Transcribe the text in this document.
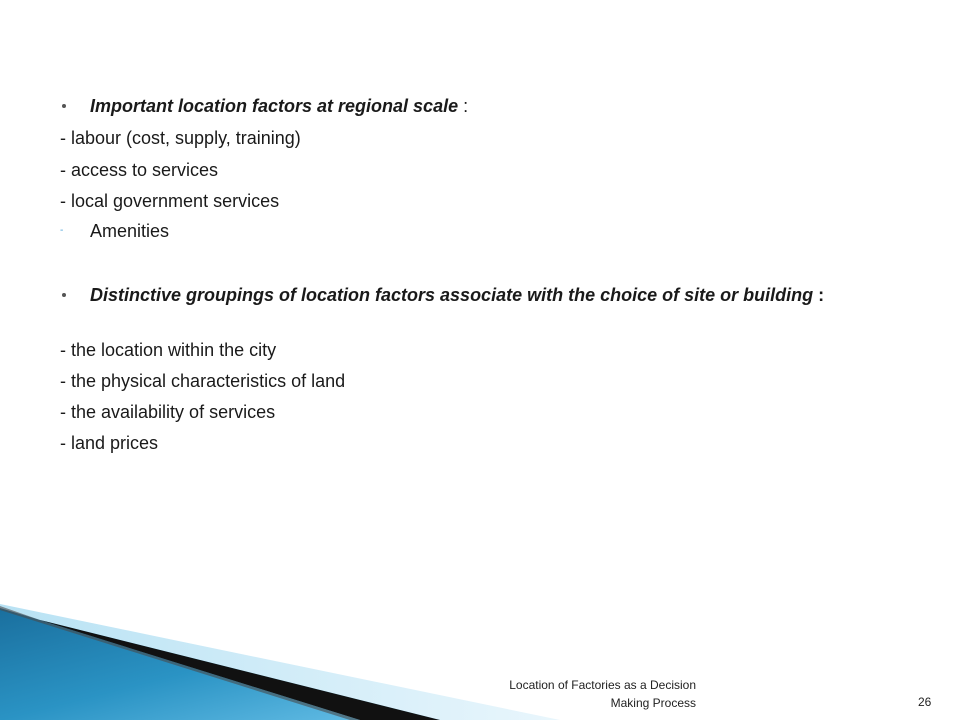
Important location factors at regional scale :
- labour (cost, supply, training)
- access to services
- local government services
- Amenities
Distinctive groupings of location factors associate with the choice of site or building :
- the location within the city
- the physical characteristics of land
- the availability of services
- land prices
Location of Factories as a Decision
Making Process	26
